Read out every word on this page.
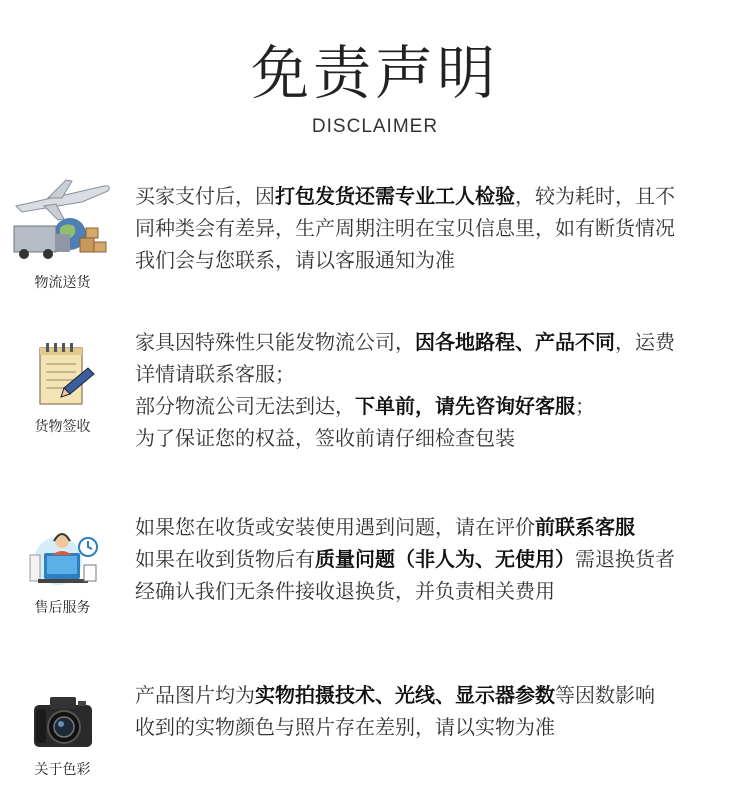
免责声明
DISCLAIMER
物流送货
买家支付后，因打包发货还需专业工人检验，较为耗时，且不
同种类会有差异，生产周期注明在宝贝信息里，如有断货情况
我们会与您联系，请以客服通知为准
货物签收
家具因特殊性只能发物流公司，因各地路程、产品不同，运费
详情请联系客服；
部分物流公司无法到达，下单前，请先咨询好客服；
为了保证您的权益，签收前请仔细检查包装
售后服务
如果您在收货或安装使用遇到问题，请在评价前联系客服
如果在收到货物后有质量问题（非人为、无使用）需退换货者
经确认我们无条件接收退换货，并负责相关费用
关于色彩
产品图片均为实物拍摄技术、光线、显示器参数等因数影响
收到的实物颜色与照片存在差别，请以实物为准
